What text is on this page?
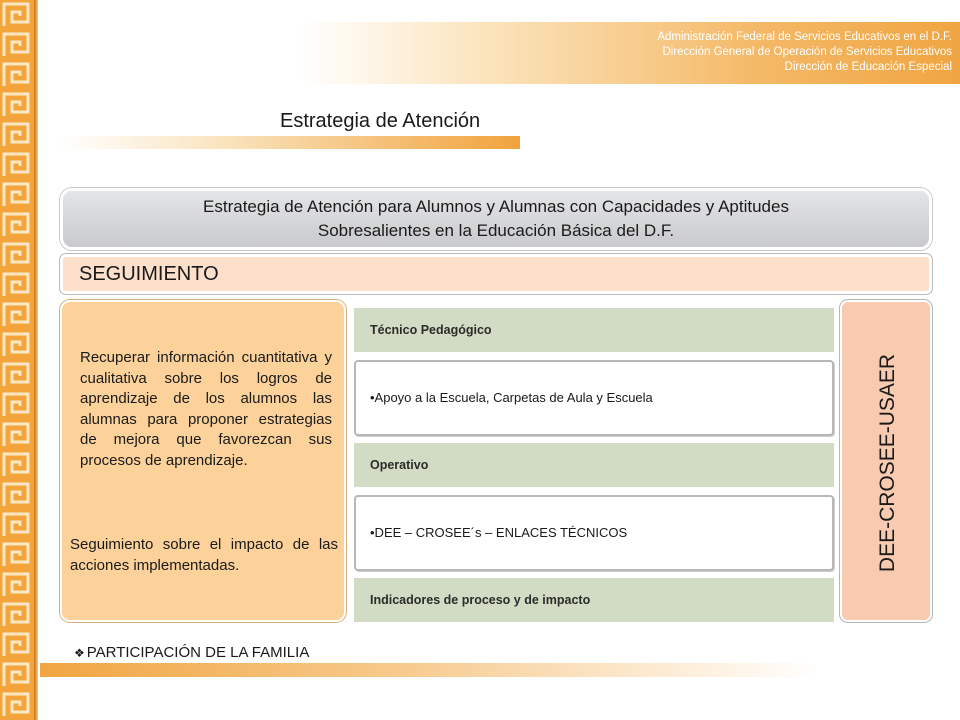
Administración Federal de Servicios Educativos en el D.F.
Dirección General de Operación de Servicios Educativos
Dirección de Educación Especial
Estrategia de Atención
Estrategia de Atención para Alumnos y Alumnas con Capacidades y Aptitudes
Sobresalientes en la Educación Básica del D.F.
SEGUIMIENTO
Recuperar información cuantitativa y cualitativa sobre los logros de aprendizaje de los alumnos las alumnas para proponer estrategias de mejora que favorezcan sus procesos de aprendizaje.
Seguimiento sobre el impacto de las acciones implementadas.
Técnico Pedagógico
•Apoyo a la Escuela, Carpetas de Aula y Escuela
Operativo
•DEE – CROSEE´s – ENLACES TÉCNICOS
Indicadores de proceso y de impacto
DEE-CROSEE-USAER
❖ PARTICIPACIÓN DE LA FAMILIA
